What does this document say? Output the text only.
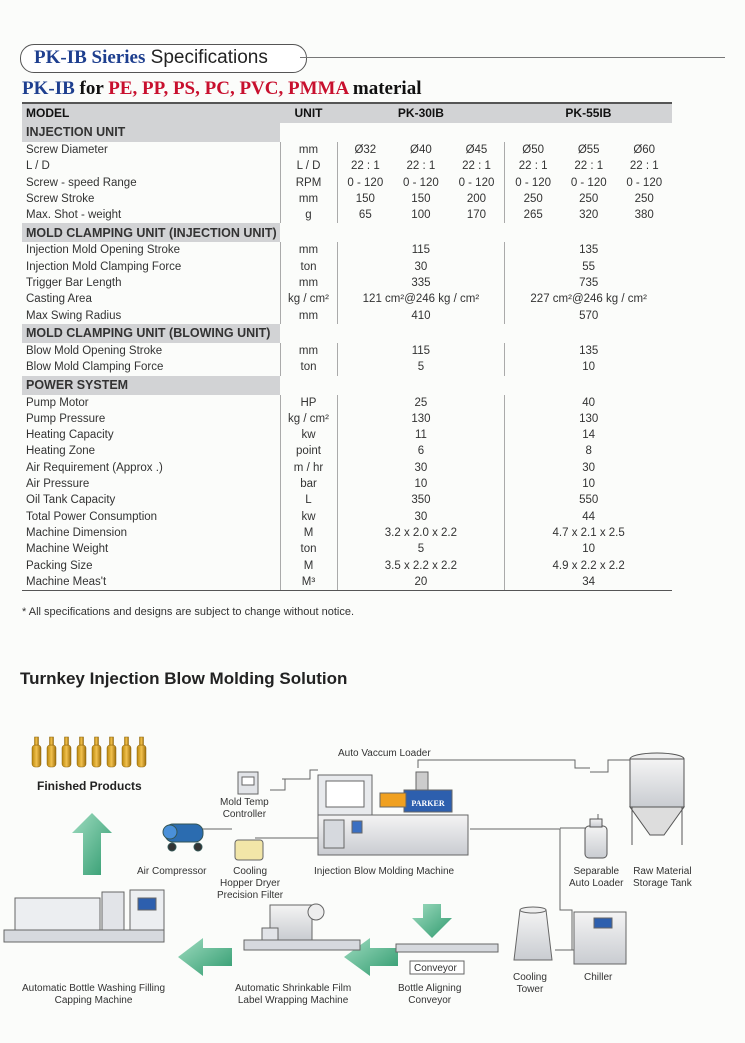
PK-IB Sieries Specifications
PK-IB for PE, PP, PS, PC, PVC, PMMA material
MODEL	UNIT	PK-30IB			PK-55IB		
INJECTION UNIT							
Screw Diameter	mm	Ø32	Ø40	Ø45	Ø50	Ø55	Ø60
L / D	L / D	22 : 1	22 : 1	22 : 1	22 : 1	22 : 1	22 : 1
Screw - speed Range	RPM	0 - 120	0 - 120	0 - 120	0 - 120	0 - 120	0 - 120
Screw Stroke	mm	150	150	200	250	250	250
Max. Shot - weight	g	65	100	170	265	320	380
MOLD CLAMPING UNIT (INJECTION UNIT)							
Injection Mold Opening Stroke	mm	115			135		
Injection Mold Clamping Force	ton	30			55		
Trigger Bar Length	mm	335			735		
Casting Area	kg / cm²	121 cm²@246 kg / cm²			227 cm²@246 kg / cm²		
Max Swing Radius	mm	410			570		
MOLD CLAMPING UNIT (BLOWING UNIT)							
Blow Mold Opening Stroke	mm	115			135		
Blow Mold Clamping Force	ton	5			10		
POWER SYSTEM							
Pump Motor	HP	25			40		
Pump Pressure	kg / cm²	130			130		
Heating Capacity	kw	11			14		
Heating Zone	point	6			8		
Air Requirement (Approx .)	m / hr	30			30		
Air Pressure	bar	10			10		
Oil Tank Capacity	L	350			550		
Total Power Consumption	kw	30			44		
Machine Dimension	M	3.2 x 2.0 x 2.2			4.7 x 2.1 x 2.5		
Machine Weight	ton	5			10		
Packing Size	M	3.5 x 2.2 x 2.2			4.9 x 2.2 x 2.2		
Machine Meas't	M³	20			34		
* All specifications and designs are subject to change without notice.
Turnkey Injection Blow Molding Solution
PARKER
Finished Products
Auto Vaccum Loader
Mold Temp
Controller
Air Compressor	Cooling
Hopper Dryer
Precision Filter
Injection Blow Molding Machine	Separable
Auto Loader
Raw Material
Storage Tank
Automatic Bottle Washing Filling
Capping Machine
Automatic Shrinkable Film
Label Wrapping Machine
Conveyor
Bottle Aligning
Conveyor
Cooling
Tower
Chiller
